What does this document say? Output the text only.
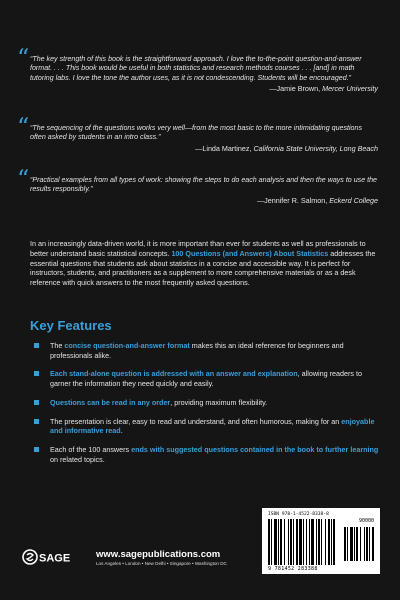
“ “The key strength of this book is the straightforward approach. I love the to-the-point question-and-answer format. . . . This book would be useful in both statistics and research methods courses . . . [and] in math tutoring labs. I love the tone the author uses, as it is not condescending. Students will be encouraged.”
—Jamie Brown, Mercer University
“ “The sequencing of the questions works very well—from the most basic to the more intimidating questions often asked by students in an intro class.”
—Linda Martinez, California State University, Long Beach
“ “Practical examples from all types of work: showing the steps to do each analysis and then the ways to use the results responsibly.”
—Jennifer R. Salmon, Eckerd College
In an increasingly data-driven world, it is more important than ever for students as well as professionals to better understand basic statistical concepts. 100 Questions (and Answers) About Statistics addresses the essential questions that students ask about statistics in a concise and accessible way. It is perfect for instructors, students, and practitioners as a supplement to more comprehensive materials or as a desk reference with quick answers to the most frequently asked questions.
Key Features
The concise question-and-answer format makes this an ideal reference for beginners and professionals alike.
Each stand-alone question is addressed with an answer and explanation, allowing readers to garner the information they need quickly and easily.
Questions can be read in any order, providing maximum flexibility.
The presentation is clear, easy to read and understand, and often humorous, making for an enjoyable and informative read.
Each of the 100 answers ends with suggested questions contained in the book to further learning on related topics.
ISBN 978-1-4522-8338-8
90000
9 781452 283388
SAGE	www.sagepublications.com
Los Angeles • London • New Delhi • Singapore • Washington DC
